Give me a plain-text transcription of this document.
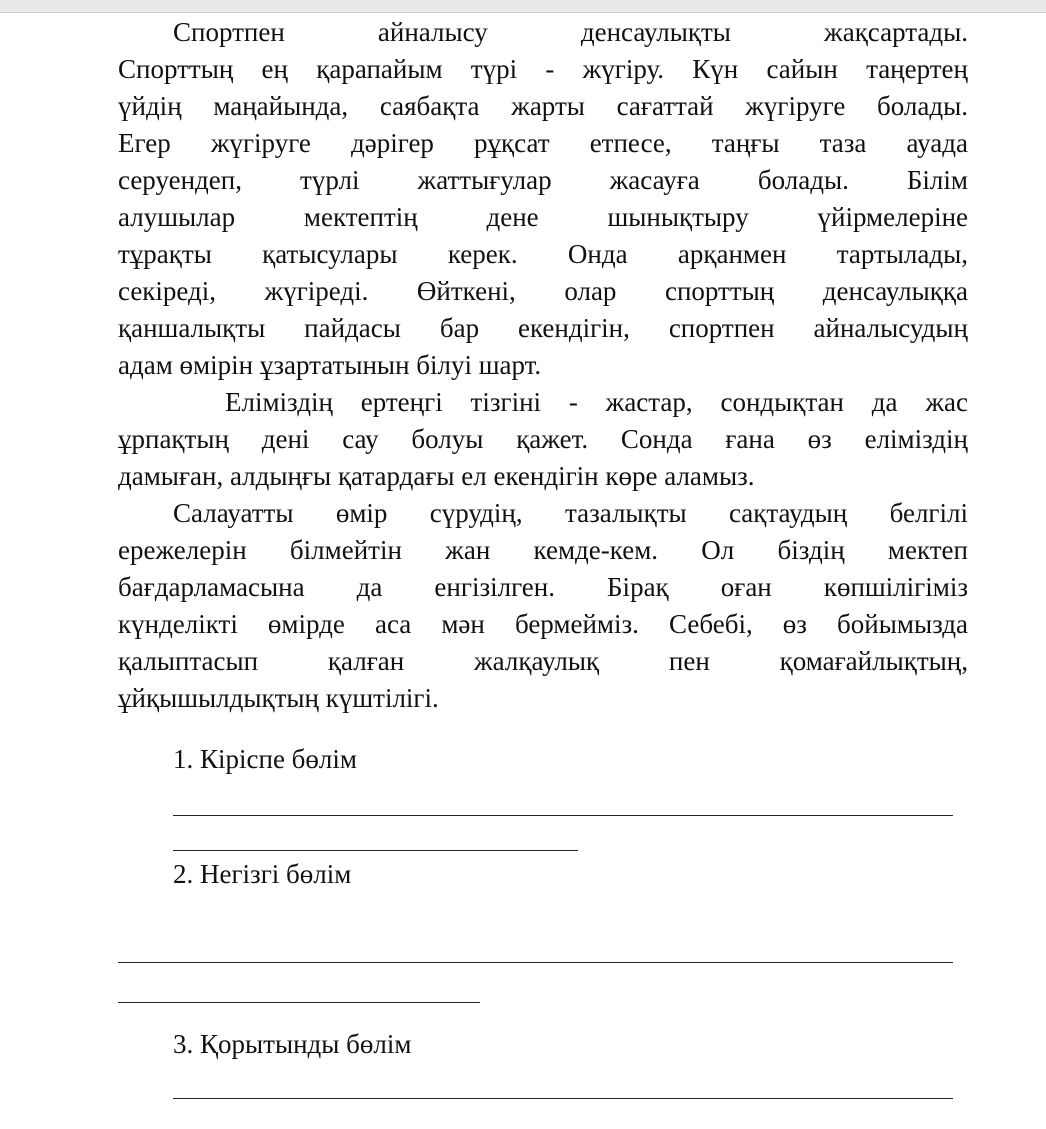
Спортпен айналысу денсаулықты жақсартады.
Спорттың ең қарапайым түрі - жүгіру. Күн сайын таңертең
үйдің маңайында, саябақта жарты сағаттай жүгіруге болады.
Егер жүгіруге дәрігер рұқсат етпесе, таңғы таза ауада
серуендеп, түрлі жаттығулар жасауға болады. Білім
алушылар мектептің дене шынықтыру үйірмелеріне
тұрақты қатысулары керек. Онда арқанмен тартылады,
секіреді, жүгіреді. Өйткені, олар спорттың денсаулыққа
қаншалықты пайдасы бар екендігін, спортпен айналысудың
адам өмірін ұзартатынын білуі шарт.
Еліміздің ертеңгі тізгіні - жастар, сондықтан да жас
ұрпақтың дені сау болуы қажет. Сонда ғана өз еліміздің
дамыған, алдыңғы қатардағы ел екендігін көре аламыз.
Салауатты өмір сүрудің, тазалықты сақтаудың белгілі
ережелерін білмейтін жан кемде-кем. Ол біздің мектеп
бағдарламасына да енгізілген. Бірақ оған көпшілігіміз
күнделікті өмірде аса мән бермейміз. Себебі, өз бойымызда
қалыптасып қалған жалқаулық пен қомағайлықтың,
ұйқышылдықтың күштілігі.
1. Кіріспе бөлім
2. Негізгі бөлім
3. Қорытынды бөлім
